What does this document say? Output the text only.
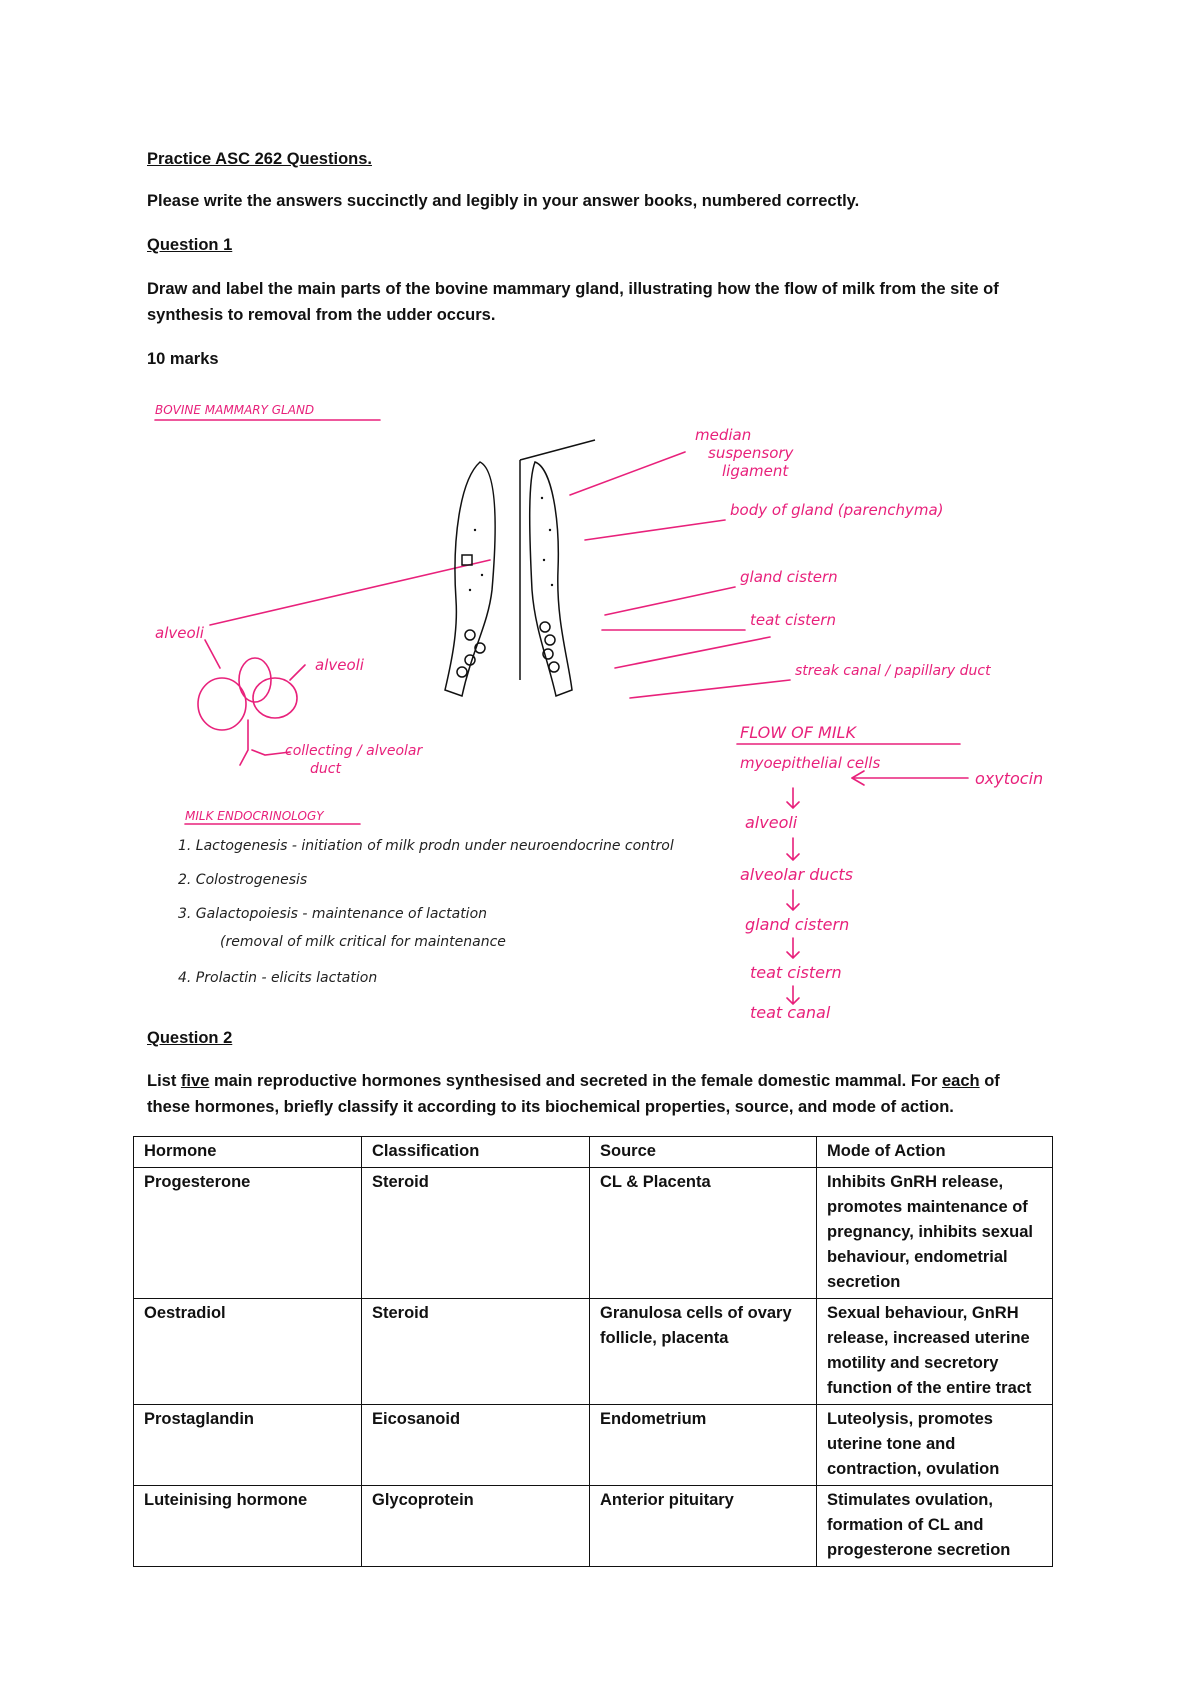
Practice ASC 262 Questions.
Please write the answers succinctly and legibly in your answer books, numbered correctly.
Question 1
Draw and label the main parts of the bovine mammary gland, illustrating how the flow of milk from the site of
synthesis to removal from the udder occurs.
10 marks
BOVINE MAMMARY GLAND
median
suspensory
ligament
body of gland (parenchyma)
gland cistern
teat cistern
streak canal / papillary duct
alveoli
alveoli
collecting / alveolar
duct
MILK ENDOCRINOLOGY
1. Lactogenesis - initiation of milk prodn under neuroendocrine control
2. Colostrogenesis
3. Galactopoiesis - maintenance of lactation
(removal of milk critical for maintenance
4. Prolactin - elicits lactation
FLOW OF MILK
myoepithelial cells
oxytocin
alveoli
alveolar ducts
gland cistern
teat cistern
teat canal
Question 2
List five main reproductive hormones synthesised and secreted in the female domestic mammal. For each of
these hormones, briefly classify it according to its biochemical properties, source, and mode of action.
Hormone	Classification	Source	Mode of Action
Progesterone	Steroid	CL & Placenta	Inhibits GnRH release, promotes maintenance of pregnancy, inhibits sexual behaviour, endometrial secretion
Oestradiol	Steroid	Granulosa cells of ovary follicle, placenta	Sexual behaviour, GnRH release, increased uterine motility and secretory function of the entire tract
Prostaglandin	Eicosanoid	Endometrium	Luteolysis, promotes uterine tone and contraction, ovulation
Luteinising hormone	Glycoprotein	Anterior pituitary	Stimulates ovulation, formation of CL and progesterone secretion
